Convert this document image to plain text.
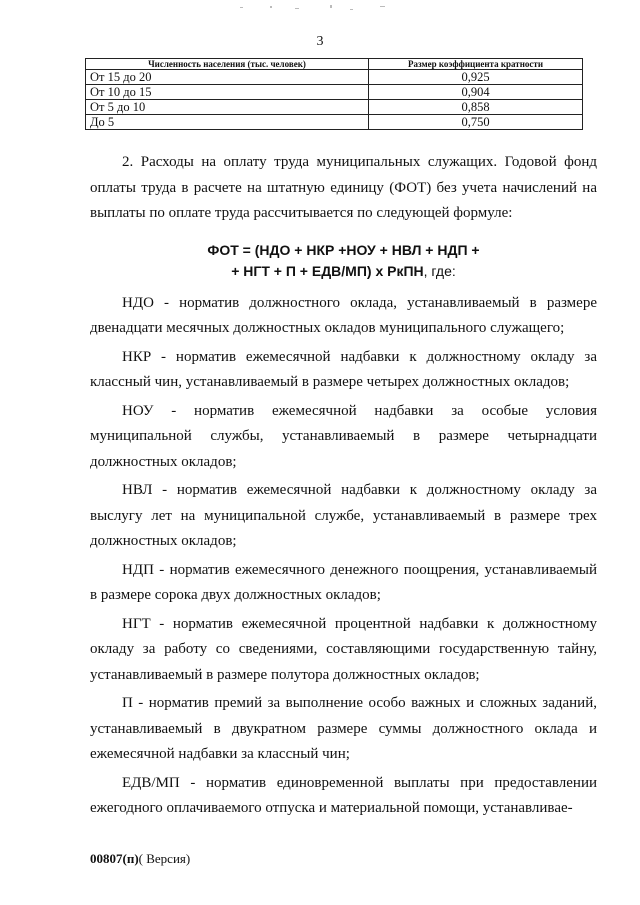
3
Численность населения (тыс. человек)	Размер коэффициента кратности
От 15 до 20	0,925
От 10 до 15	0,904
От 5 до 10	0,858
До 5	0,750

2. Расходы на оплату труда муниципальных служащих. Годовой фонд оплаты труда в расчете на штатную единицу (ФОТ) без учета начислений на выплаты по оплате труда рассчитывается по следующей формуле:

ФОТ = (НДО + НКР +НОУ + НВЛ + НДП +
+ НГТ + П + ЕДВ/МП) х РкПН, где:

НДО - норматив должностного оклада, устанавливаемый в размере двенадцати месячных должностных окладов муниципального служащего;

НКР - норматив ежемесячной надбавки к должностному окладу за классный чин, устанавливаемый в размере четырех должностных окладов;

НОУ - норматив ежемесячной надбавки за особые условия муниципальной службы, устанавливаемый в размере четырнадцати должностных окладов;

НВЛ - норматив ежемесячной надбавки к должностному окладу за выслугу лет на муниципальной службе, устанавливаемый в размере трех должностных окладов;

НДП - норматив ежемесячного денежного поощрения, устанавливаемый в размере сорока двух должностных окладов;

НГТ - норматив ежемесячной процентной надбавки к должностному окладу за работу со сведениями, составляющими государственную тайну, устанавливаемый в размере полутора должностных окладов;

П - норматив премий за выполнение особо важных и сложных заданий, устанавливаемый в двукратном размере суммы должностного оклада и ежемесячной надбавки за классный чин;

ЕДВ/МП - норматив единовременной выплаты при предоставлении ежегодного оплачиваемого отпуска и материальной помощи, устанавливае-

00807(п)( Версия)
